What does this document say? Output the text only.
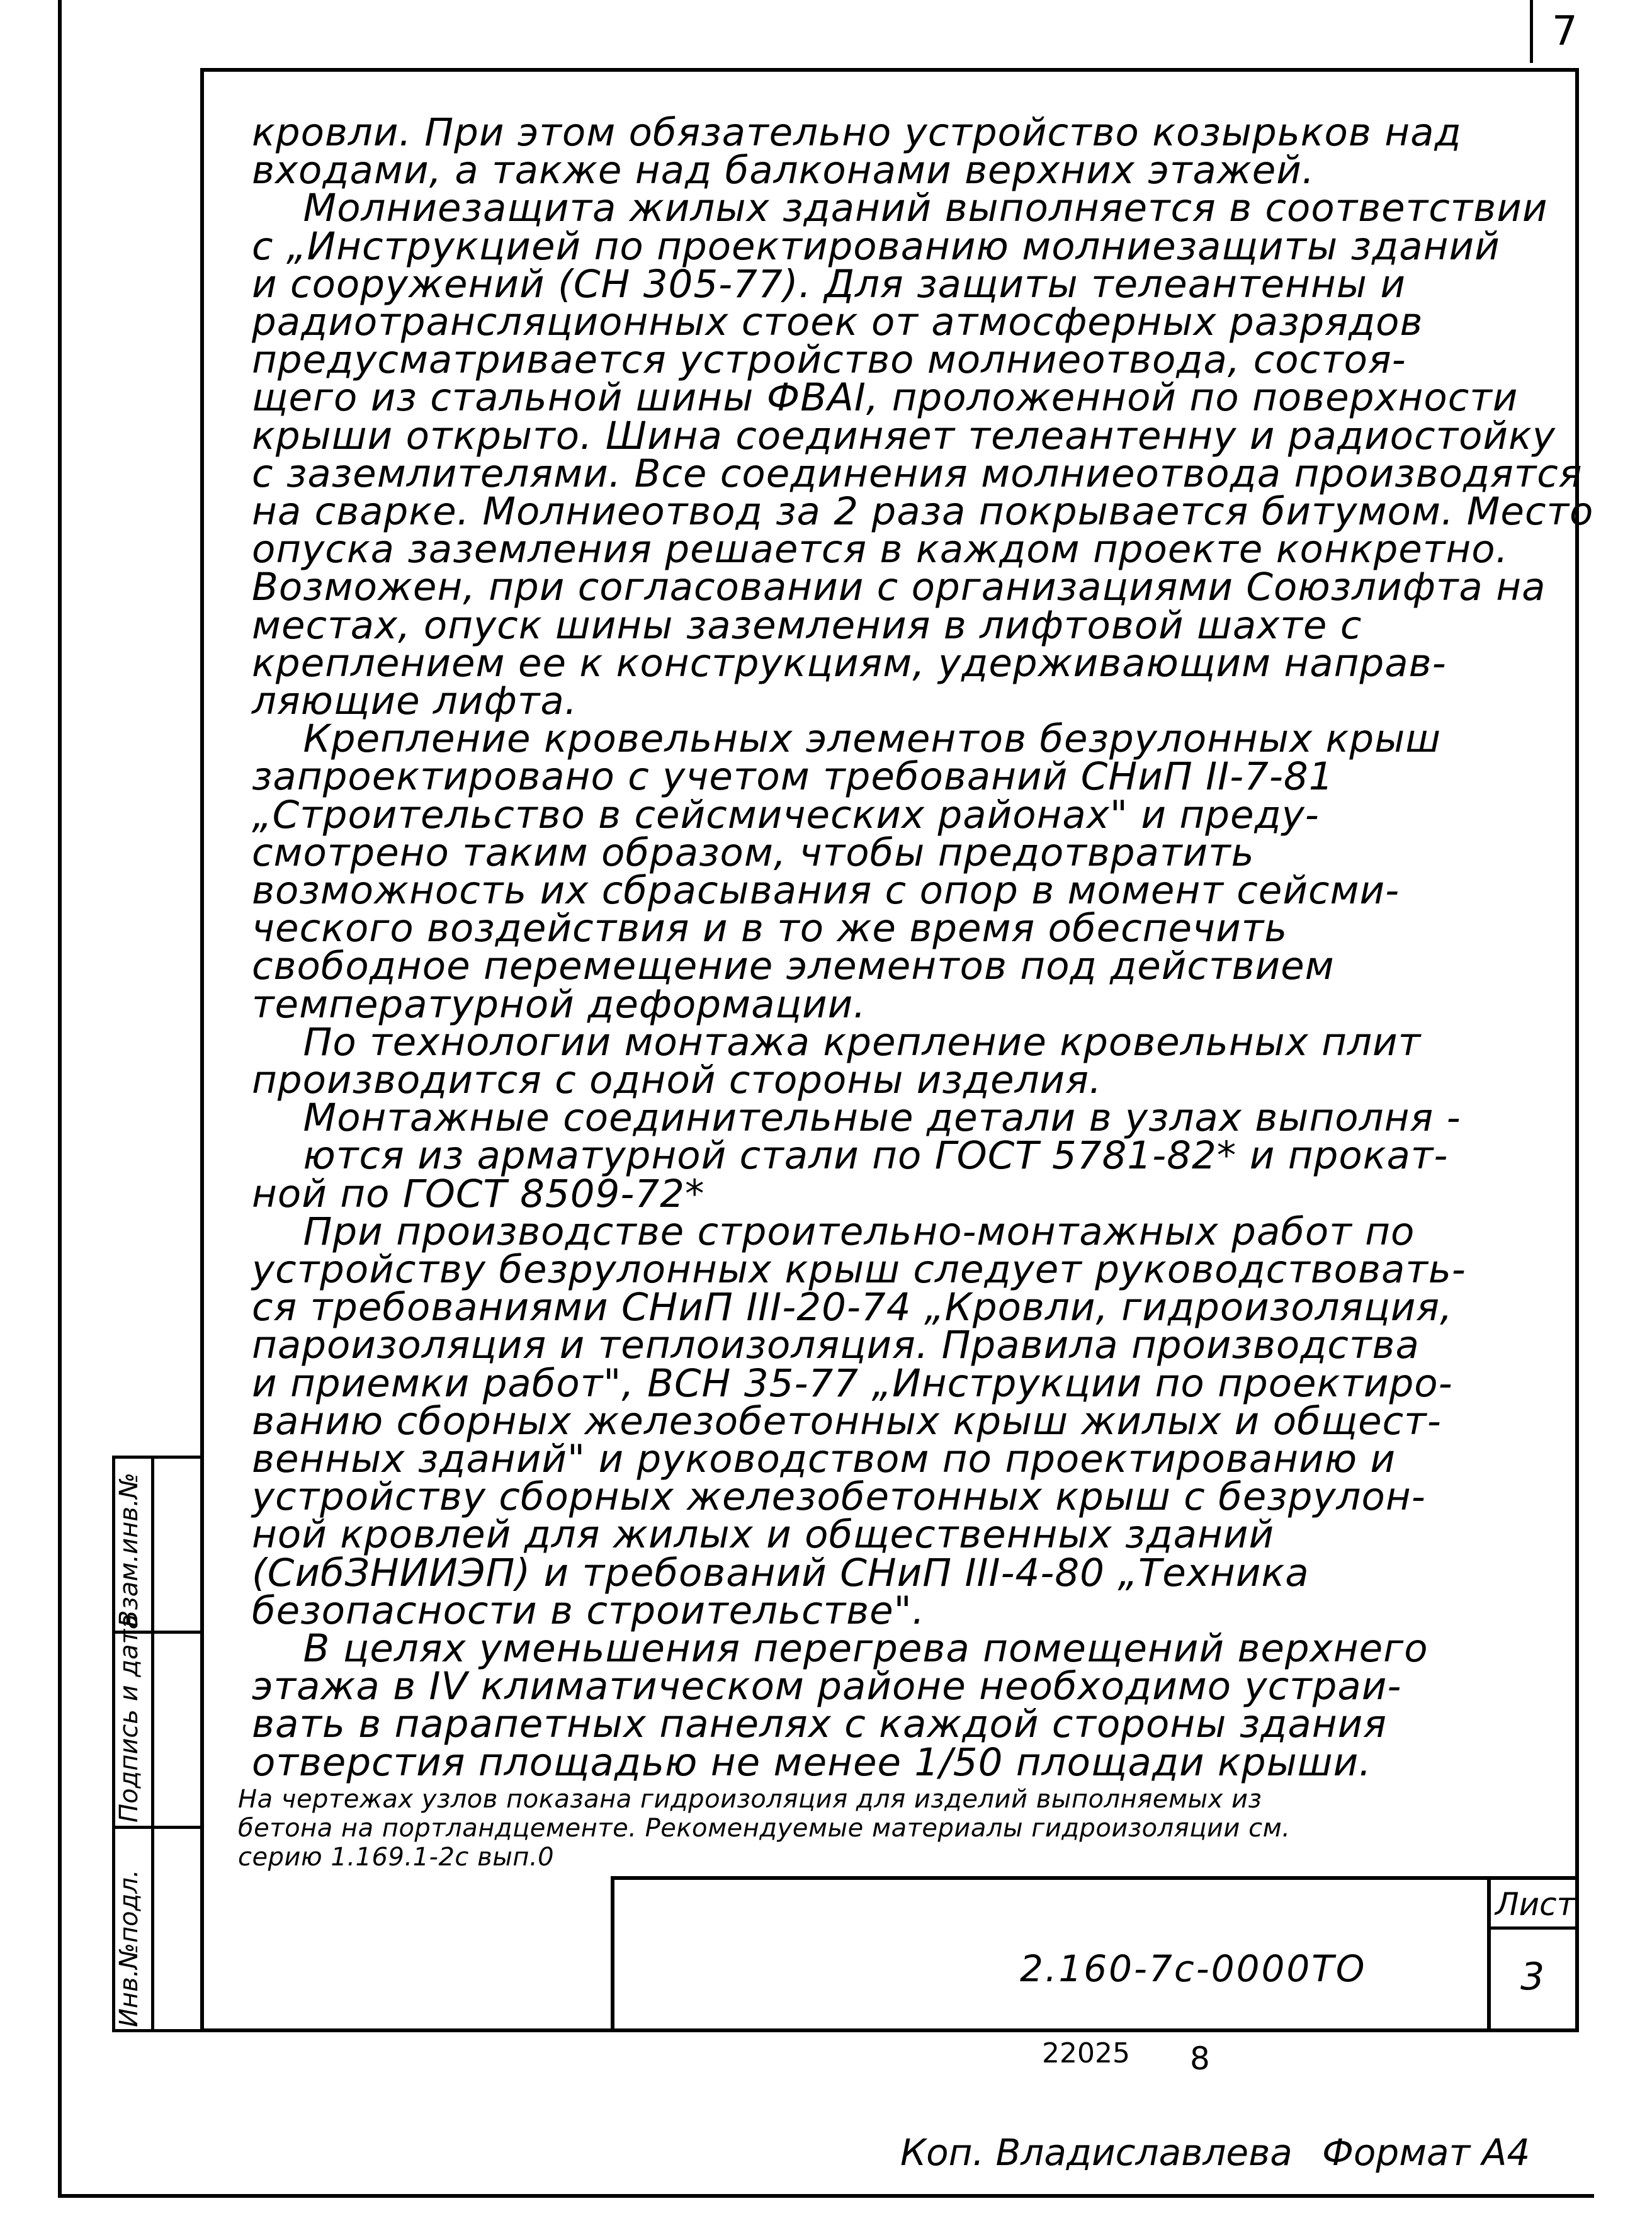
7
Инв.№подл.
Подпись и дата
Взам.инв.№
кровли. При этом обязательно устройство козырьков над
входами, а также над балконами верхних этажей.
Молниезащита жилых зданий выполняется в соответствии
с „Инструкцией по проектированию молниезащиты зданий
и сооружений (СН 305-77). Для защиты телеантенны и
радиотрансляционных стоек от атмосферных разрядов
предусматривается устройство молниеотвода, состоя-
щего из стальной шины ФВАI, проложенной по поверхности
крыши открыто. Шина соединяет телеантенну и радиостойку
с заземлителями. Все соединения молниеотвода производятся
на сварке. Молниеотвод за 2 раза покрывается битумом. Место
опуска заземления решается в каждом проекте конкретно.
Возможен, при согласовании с организациями Союзлифта на
местах, опуск шины заземления в лифтовой шахте с
креплением ее к конструкциям, удерживающим направ-
ляющие лифта.
Крепление кровельных элементов безрулонных крыш
запроектировано с учетом требований СНиП II-7-81
„Строительство в сейсмических районах" и преду-
смотрено таким образом, чтобы предотвратить
возможность их сбрасывания с опор в момент сейсми-
ческого воздействия и в то же время обеспечить
свободное перемещение элементов под действием
температурной деформации.
По технологии монтажа крепление кровельных плит
производится с одной стороны изделия.
Монтажные соединительные детали в узлах выполня -
ются из арматурной стали по ГОСТ 5781-82* и прокат-
ной по ГОСТ 8509-72*
При производстве строительно-монтажных работ по
устройству безрулонных крыш следует руководствовать-
ся требованиями СНиП III-20-74 „Кровли, гидроизоляция,
пароизоляция и теплоизоляция. Правила производства
и приемки работ", ВСН 35-77 „Инструкции по проектиро-
ванию сборных железобетонных крыш жилых и общест-
венных зданий" и руководством по проектированию и
устройству сборных железобетонных крыш с безрулон-
ной кровлей для жилых и общественных зданий
(СибЗНИИЭП) и требований СНиП III-4-80 „Техника
безопасности в строительстве".
В целях уменьшения перегрева помещений верхнего
этажа в IV климатическом районе необходимо устраи-
вать в парапетных панелях с каждой стороны здания
отверстия площадью не менее 1/50 площади крыши.
На чертежах узлов показана гидроизоляция для изделий выполняемых из
бетона на портландцементе. Рекомендуемые материалы гидроизоляции см.
серию 1.169.1-2с вып.0
Лист
3
2.160-7с-0000ТО
22025 8
Коп. Владиславлева Формат А4
